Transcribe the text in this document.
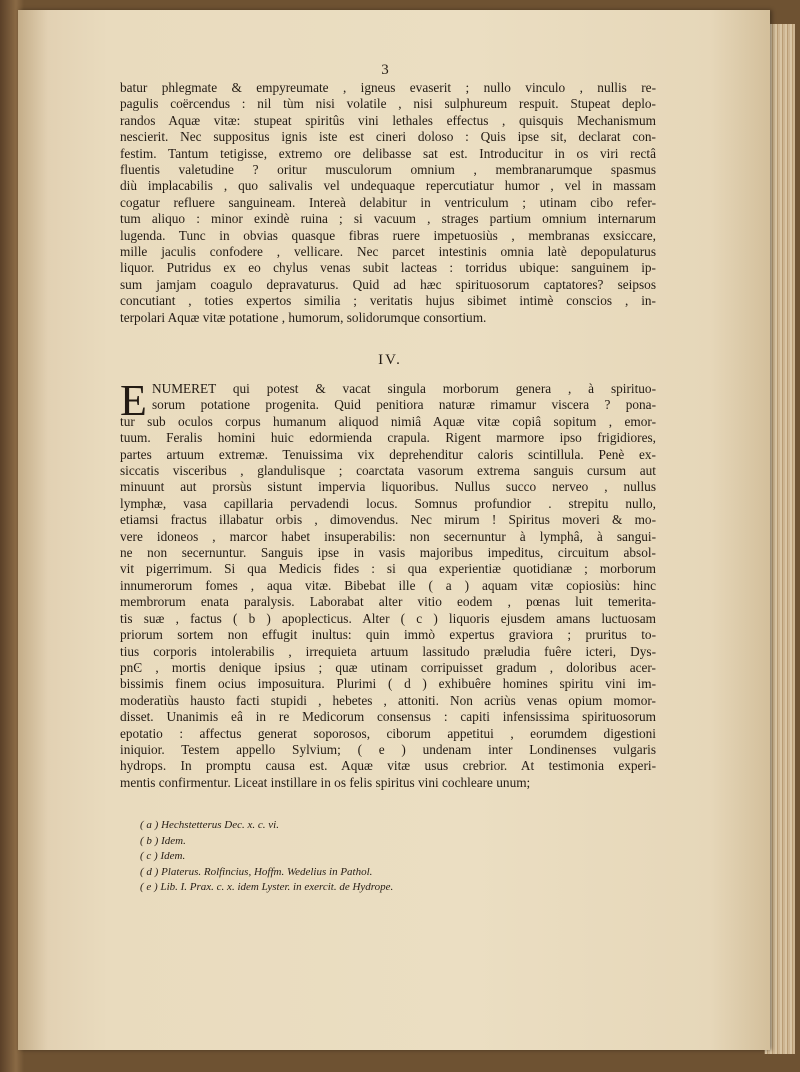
3
batur phlegmate & empyreumate , igneus evaserit ; nullo vinculo , nullis re-
pagulis coërcendus : nil tùm nisi volatile , nisi sulphureum respuit. Stupeat deplo-
randos Aquæ vitæ: stupeat spiritûs vini lethales effectus , quisquis Mechanismum
nescierit. Nec suppositus ignis iste est cineri doloso : Quis ipse sit, declarat con-
festim. Tantum tetigisse, extremo ore delibasse sat est. Introducitur in os viri rectâ
fluentis valetudine ? oritur musculorum omnium , membranarumque spasmus
diù implacabilis , quo salivalis vel undequaque repercutiatur humor , vel in massam
cogatur refluere sanguineam. Intereà delabitur in ventriculum ; utinam cibo refer-
tum aliquo : minor exindè ruina ; si vacuum , strages partium omnium internarum
lugenda. Tunc in obvias quasque fibras ruere impetuosiùs , membranas exsiccare,
mille jaculis confodere , vellicare. Nec parcet intestinis omnia latè depopulaturus
liquor. Putridus ex eo chylus venas subit lacteas : torridus ubique: sanguinem ip-
sum jamjam coagulo depravaturus. Quid ad hæc spirituosorum captatores? seipsos
concutiant , toties expertos similia ; veritatis hujus sibimet intimè conscios , in-
terpolari Aquæ vitæ potatione , humorum, solidorumque consortium.
IV.
E NUMERET qui potest & vacat singula morborum genera , à spirituo-
sorum potatione progenita. Quid penitiora naturæ rimamur viscera ? pona-
tur sub oculos corpus humanum aliquod nimiâ Aquæ vitæ copiâ sopitum , emor-
tuum. Feralis homini huic edormienda crapula. Rigent marmore ipso frigidiores,
partes artuum extremæ. Tenuissima vix deprehenditur caloris scintillula. Penè ex-
siccatis visceribus , glandulisque ; coarctata vasorum extrema sanguis cursum aut
minuunt aut prorsùs sistunt impervia liquoribus. Nullus succo nerveo , nullus
lymphæ, vasa capillaria pervadendi locus. Somnus profundior . strepitu nullo,
etiamsi fractus illabatur orbis , dimovendus. Nec mirum ! Spiritus moveri & mo-
vere idoneos , marcor habet insuperabilis: non secernuntur à lymphâ, à sangui-
ne non secernuntur. Sanguis ipse in vasis majoribus impeditus, circuitum absol-
vit pigerrimum. Si qua Medicis fides : si qua experientiæ quotidianæ ; morborum
innumerorum fomes , aqua vitæ. Bibebat ille ( a ) aquam vitæ copiosiùs: hinc
membrorum enata paralysis. Laborabat alter vitio eodem , pœnas luit temerita-
tis suæ , factus ( b ) apoplecticus. Alter ( c ) liquoris ejusdem amans luctuosam
priorum sortem non effugit inultus: quin immò expertus graviora ; pruritus to-
tius corporis intolerabilis , irrequieta artuum lassitudo præludia fuêre icteri, Dys-
pnϾ , mortis denique ipsius ; quæ utinam corripuisset gradum , doloribus acer-
bissimis finem ocius imposuitura. Plurimi ( d ) exhibuêre homines spiritu vini im-
moderatiùs hausto facti stupidi , hebetes , attoniti. Non acriùs venas opium momor-
disset. Unanimis eâ in re Medicorum consensus : capiti infensissima spirituosorum
epotatio : affectus generat soporosos, ciborum appetitui , eorumdem digestioni
iniquior. Testem appello Sylvium; ( e ) undenam inter Londinenses vulgaris
hydrops. In promptu causa est. Aquæ vitæ usus crebrior. At testimonia experi-
mentis confirmentur. Liceat instillare in os felis spiritus vini cochleare unum;
( a ) Hechstetterus Dec. x. c. vi.
( b ) Idem.
( c ) Idem.
( d ) Platerus. Rolfincius, Hoffm. Wedelius in Pathol.
( e ) Lib. I. Prax. c. x. idem Lyster. in exercit. de Hydrope.
